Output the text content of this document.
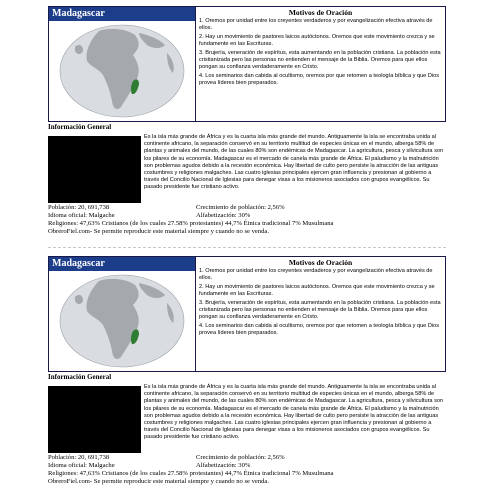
Madagascar	Motivos de Oración

1. Oremos por unidad entre los creyentes verdaderos y por evangelización efectiva através de ellos.

2. Hay un movimiento de pastores laicos autóctonos. Oremos que este movimiento crezca y se fundamente en las Escrituras.

3. Brujería, veneración de espíritus, esta aumentando en la población cristiana. La población esta cristianizada pero las personas no entienden el mensaje de la Biblia. Oremos para que ellos pongan su confianza verdaderamente en Cristo.

4. Los seminarios dan cabida al ocultismo, oremos por que retomen a teología bíblica y que Dios provea líderes bien preparados.

Información General
Es la isla más grande de África y es la cuarta isla más grande del mundo. Antiguamente la isla se encontraba unida al continente africano, la separación conservó en su territorio multitud de especies únicas en el mundo, alberga 58% de plantas y animales del mundo, de las cuales 80% son endémicas de Madagascar. La agricultura, pesca y silvicultura son los pilares de su economía. Madagascar es el mercado de canela más grande de África. El paludismo y la malnutrición son problemas agudos debido a la recesión económica. Hay libertad de culto pero persiste la atracción de las antiguas costumbres y religiones malgaches. Las cuatro iglesias principales ejercen gran influencia y presionan al gobierno a través del Concilio Nacional de Iglesias para denegar visas a los misioneros asociados con grupos evangélicos. Su pasado presidente fue cristiano activo.
Población: 20, 691,738	Crecimiento de población: 2,56%
Idioma oficial: Malgache	Alfabetización: 30%
Religiones: 47,63% Cristianos (de los cuales 27.58% protestantes) 44,7% Étnica tradicional 7% Musulmana
ObreroFiel.com- Se permite reproducir este material siempre y cuando no se venda.
Madagascar	Motivos de Oración

1. Oremos por unidad entre los creyentes verdaderos y por evangelización efectiva através de ellos.

2. Hay un movimiento de pastores laicos autóctonos. Oremos que este movimiento crezca y se fundamente en las Escrituras.

3. Brujería, veneración de espíritus, esta aumentando en la población cristiana. La población esta cristianizada pero las personas no entienden el mensaje de la Biblia. Oremos para que ellos pongan su confianza verdaderamente en Cristo.

4. Los seminarios dan cabida al ocultismo, oremos por que retomen a teología bíblica y que Dios provea líderes bien preparados.

Información General
Es la isla más grande de África y es la cuarta isla más grande del mundo. Antiguamente la isla se encontraba unida al continente africano, la separación conservó en su territorio multitud de especies únicas en el mundo, alberga 58% de plantas y animales del mundo, de las cuales 80% son endémicas de Madagascar. La agricultura, pesca y silvicultura son los pilares de su economía. Madagascar es el mercado de canela más grande de África. El paludismo y la malnutrición son problemas agudos debido a la recesión económica. Hay libertad de culto pero persiste la atracción de las antiguas costumbres y religiones malgaches. Las cuatro iglesias principales ejercen gran influencia y presionan al gobierno a través del Concilio Nacional de Iglesias para denegar visas a los misioneros asociados con grupos evangélicos. Su pasado presidente fue cristiano activo.
Población: 20, 691,738	Crecimiento de población: 2,56%
Idioma oficial: Malgache	Alfabetización: 30%
Religiones: 47,63% Cristianos (de los cuales 27.58% protestantes) 44,7% Étnica tradicional 7% Musulmana
ObreroFiel.com- Se permite reproducir este material siempre y cuando no se venda.
